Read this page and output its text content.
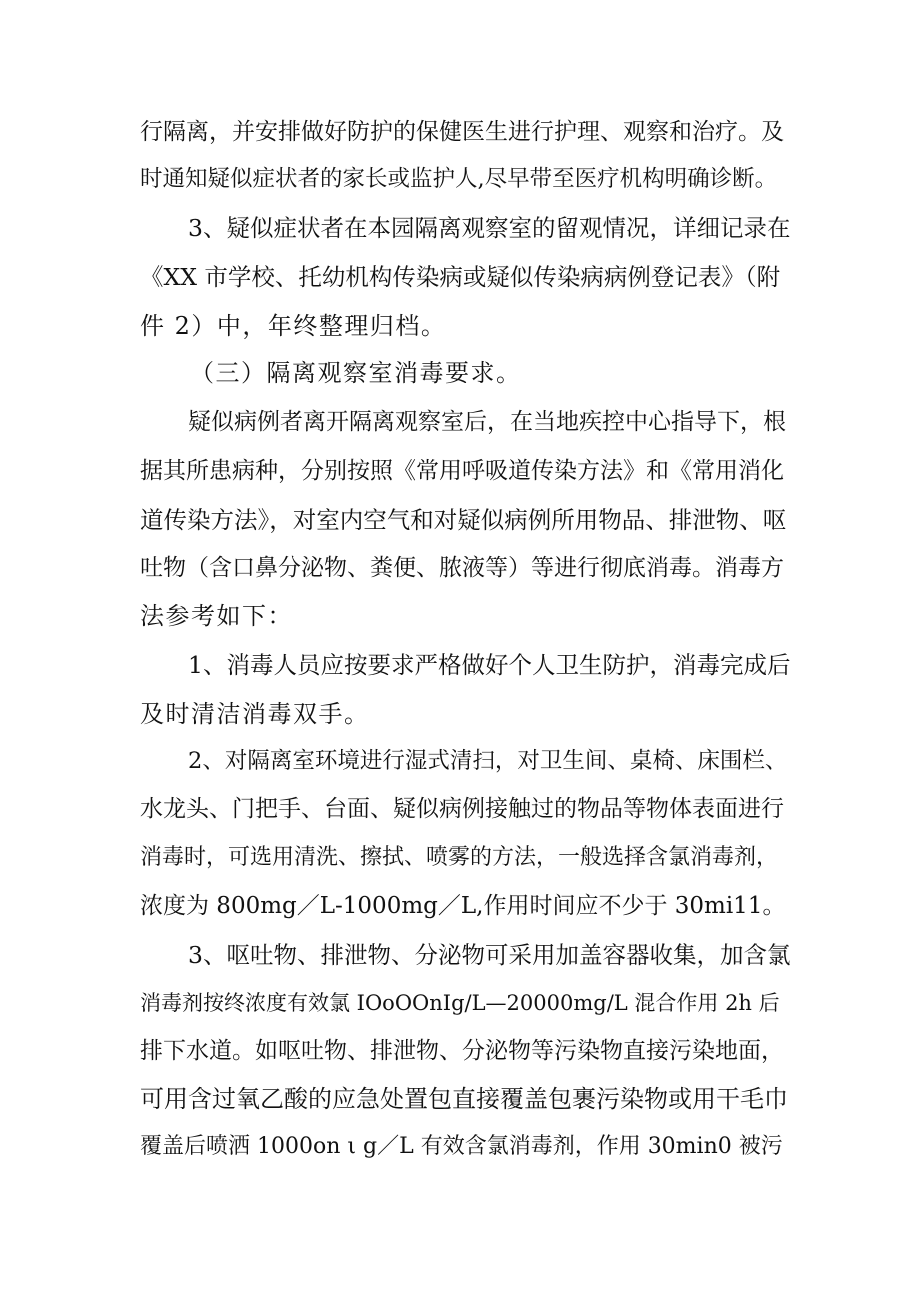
行隔离，并安排做好防护的保健医生进行护理、观察和治疗。及
时通知疑似症状者的家长或监护人,尽早带至医疗机构明确诊断。
3、疑似症状者在本园隔离观察室的留观情况，详细记录在
《XX 市学校、托幼机构传染病或疑似传染病病例登记表》（附
件 2）中，年终整理归档。
（三）隔离观察室消毒要求。
疑似病例者离开隔离观察室后，在当地疾控中心指导下，根
据其所患病种，分别按照《常用呼吸道传染方法》和《常用消化
道传染方法》，对室内空气和对疑似病例所用物品、排泄物、呕
吐物（含口鼻分泌物、粪便、脓液等）等进行彻底消毒。消毒方
法参考如下：
1、消毒人员应按要求严格做好个人卫生防护，消毒完成后
及时清洁消毒双手。
2、对隔离室环境进行湿式清扫，对卫生间、桌椅、床围栏、
水龙头、门把手、台面、疑似病例接触过的物品等物体表面进行
消毒时，可选用清洗、擦拭、喷雾的方法，一般选择含氯消毒剂，
浓度为 800mg／L-1000mg／L,作用时间应不少于 30mi11。
3、呕吐物、排泄物、分泌物可采用加盖容器收集，加含氯
消毒剂按终浓度有效氯 IOoOOnIg/L—20000mg/L 混合作用 2h 后
排下水道。如呕吐物、排泄物、分泌物等污染物直接污染地面，
可用含过氧乙酸的应急处置包直接覆盖包裹污染物或用干毛巾
覆盖后喷洒 1000on ι g／L 有效含氯消毒剂，作用 30min0 被污
